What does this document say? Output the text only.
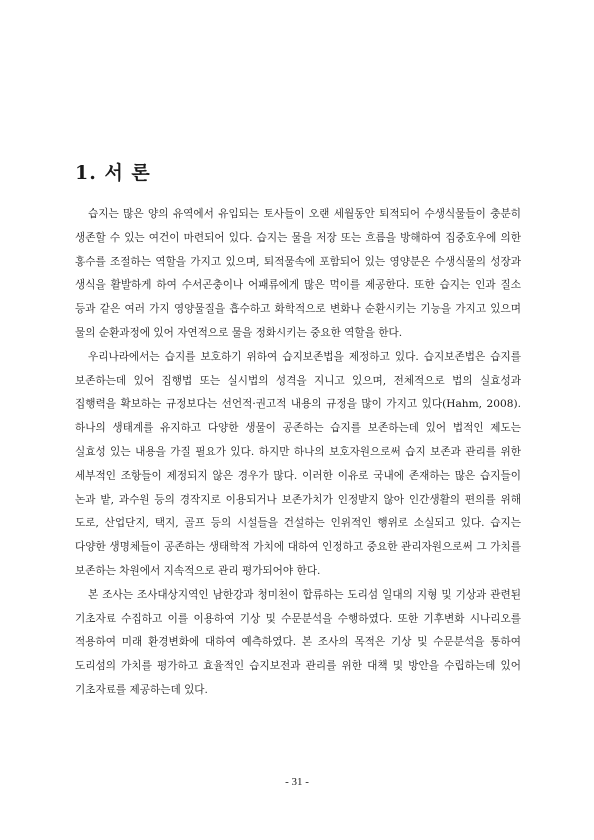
1. 서 론

습지는 많은 양의 유역에서 유입되는 토사들이 오랜 세월동안 퇴적되어 수생식물들이 충분히 생존할 수 있는 여건이 마련되어 있다. 습지는 물을 저장 또는 흐름을 방해하여 집중호우에 의한 홍수를 조절하는 역할을 가지고 있으며, 퇴적물속에 포함되어 있는 영양분은 수생식물의 성장과 생식을 활발하게 하여 수서곤충이나 어패류에게 많은 먹이를 제공한다. 또한 습지는 인과 질소 등과 같은 여러 가지 영양물질을 흡수하고 화학적으로 변화나 순환시키는 기능을 가지고 있으며 물의 순환과정에 있어 자연적으로 물을 정화시키는 중요한 역할을 한다.

우리나라에서는 습지를 보호하기 위하여 습지보존법을 제정하고 있다. 습지보존법은 습지를 보존하는데 있어 집행법 또는 실시법의 성격을 지니고 있으며, 전체적으로 법의 실효성과 집행력을 확보하는 규정보다는 선언적·권고적 내용의 규정을 많이 가지고 있다(Hahm, 2008). 하나의 생태계를 유지하고 다양한 생물이 공존하는 습지를 보존하는데 있어 법적인 제도는 실효성 있는 내용을 가질 필요가 있다. 하지만 하나의 보호자원으로써 습지 보존과 관리를 위한 세부적인 조항들이 제정되지 않은 경우가 많다. 이러한 이유로 국내에 존재하는 많은 습지들이 논과 밭, 과수원 등의 경작지로 이용되거나 보존가치가 인정받지 않아 인간생활의 편의를 위해 도로, 산업단지, 택지, 골프 등의 시설들을 건설하는 인위적인 행위로 소실되고 있다. 습지는 다양한 생명체들이 공존하는 생태학적 가치에 대하여 인정하고 중요한 관리자원으로써 그 가치를 보존하는 차원에서 지속적으로 관리 평가되어야 한다.

본 조사는 조사대상지역인 남한강과 청미천이 합류하는 도리섬 일대의 지형 및 기상과 관련된 기초자료 수집하고 이를 이용하여 기상 및 수문분석을 수행하였다. 또한 기후변화 시나리오를 적용하여 미래 환경변화에 대하여 예측하였다. 본 조사의 목적은 기상 및 수문분석을 통하여 도리섬의 가치를 평가하고 효율적인 습지보전과 관리를 위한 대책 및 방안을 수립하는데 있어 기초자료를 제공하는데 있다.

- 31 -
